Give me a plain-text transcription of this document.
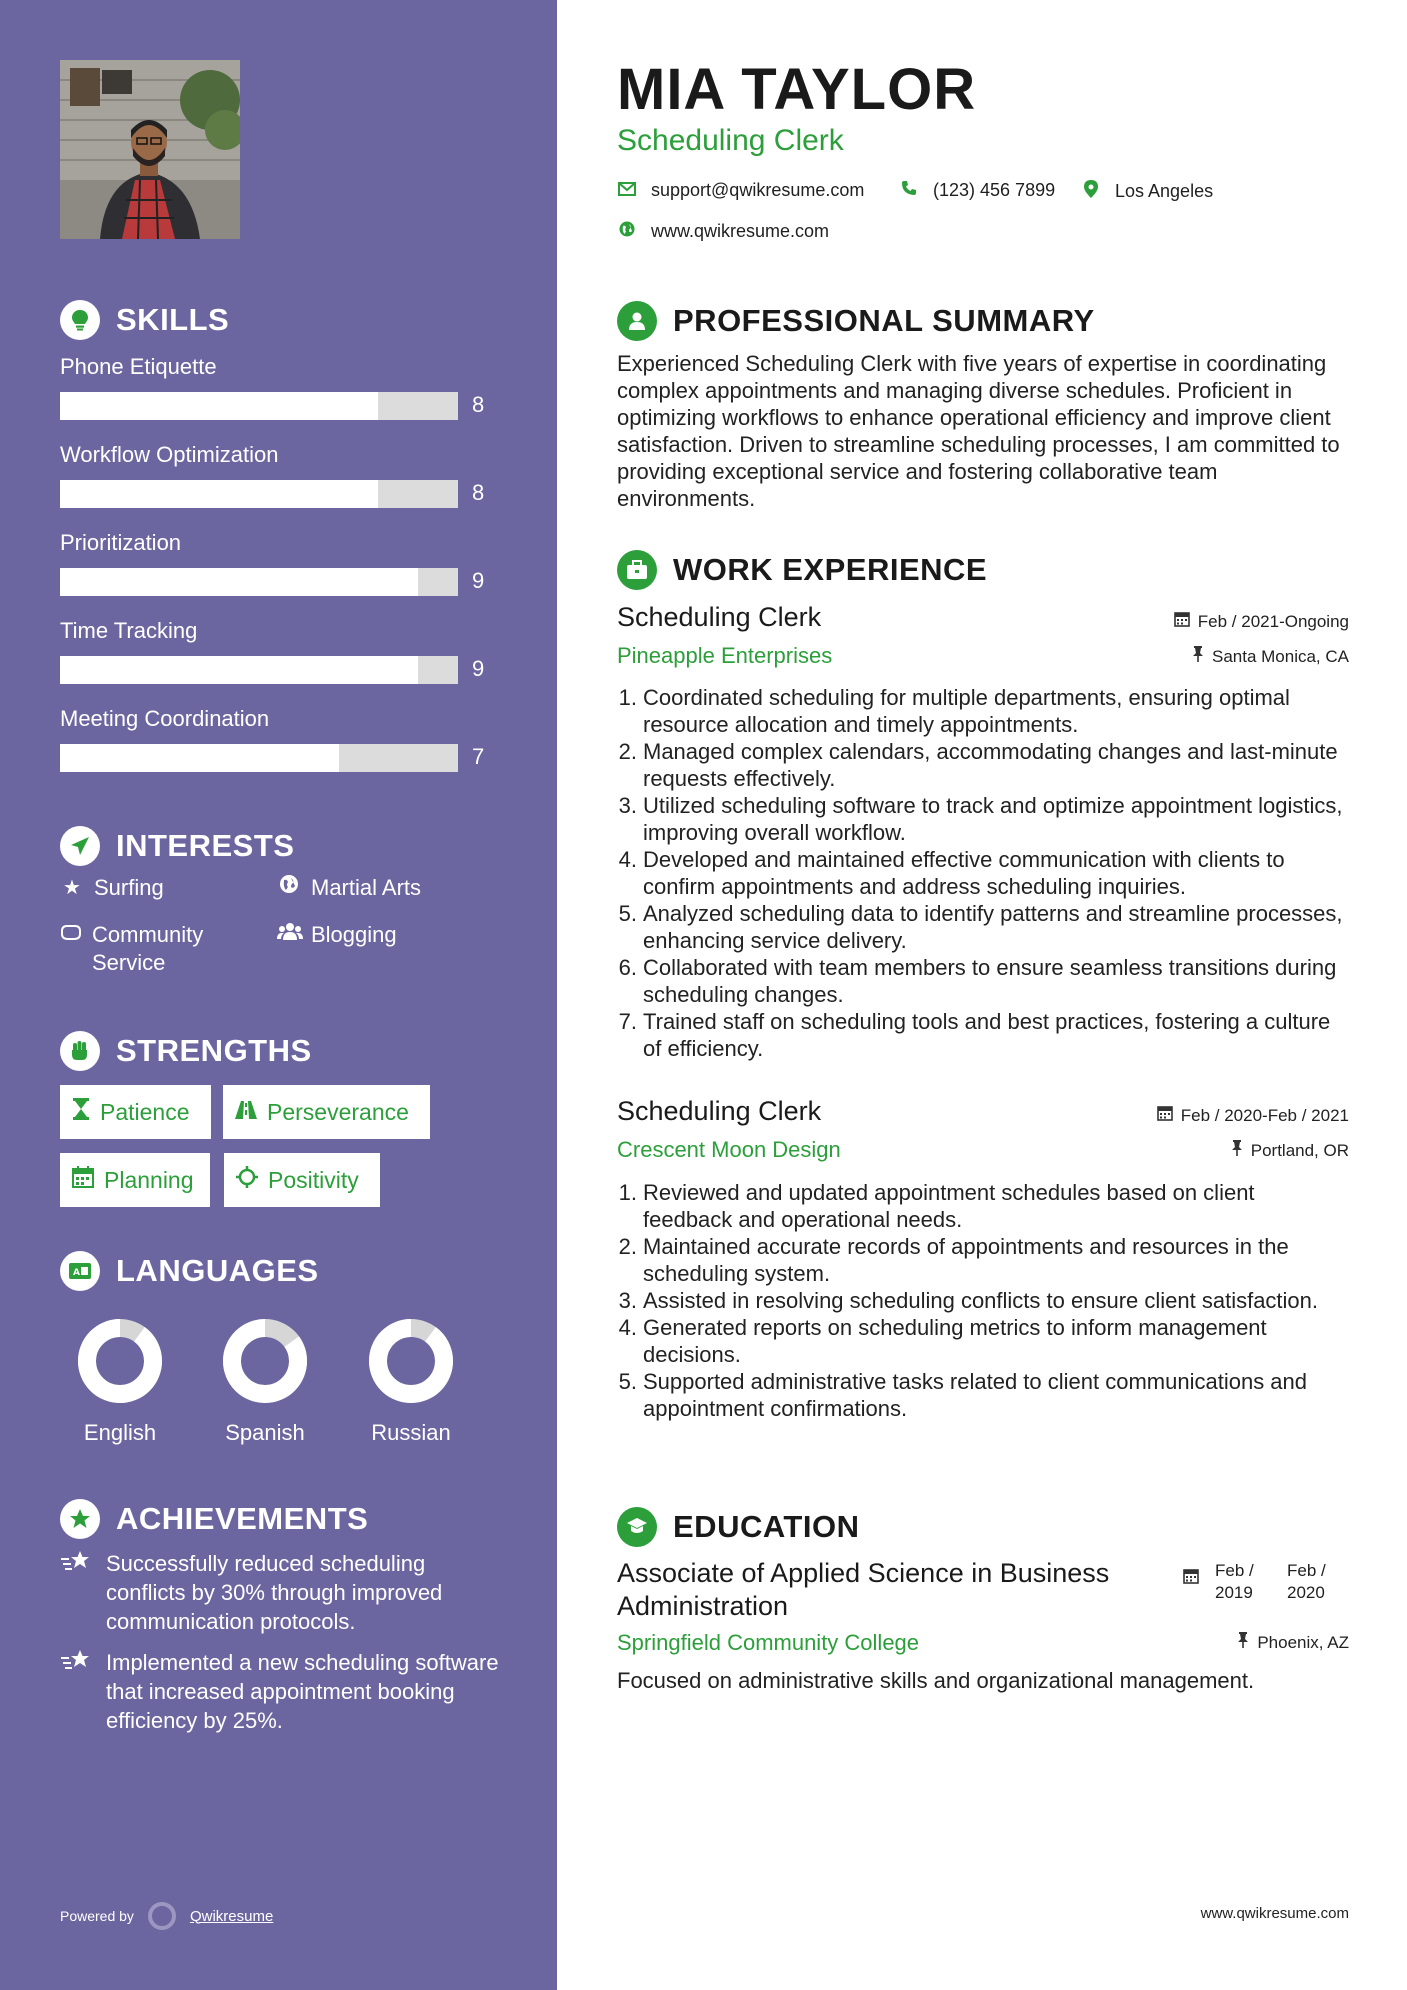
SKILLS
Phone Etiquette
8
Workflow Optimization
8
Prioritization
9
Time Tracking
9
Meeting Coordination
7
INTERESTS
★ Surfing	Martial Arts
Community Service
Blogging
STRENGTHS
Patience	Perseverance
Planning	Positivity
A LANGUAGES
English	Spanish	Russian
ACHIEVEMENTS
Successfully reduced scheduling conflicts by 30% through improved communication protocols.
Implemented a new scheduling software that increased appointment booking efficiency by 25%.
Powered by	Qwikresume
MIA TAYLOR
Scheduling Clerk
support@qwikresume.com	(123) 456 7899	Los Angeles
www.qwikresume.com
PROFESSIONAL SUMMARY
Experienced Scheduling Clerk with five years of expertise in coordinating complex appointments and managing diverse schedules. Proficient in optimizing workflows to enhance operational efficiency and improve client satisfaction. Driven to streamline scheduling processes, I am committed to providing exceptional service and fostering collaborative team environments.
WORK EXPERIENCE
Scheduling Clerk	Feb / 2021-Ongoing
Pineapple Enterprises	Santa Monica, CA
1. Coordinated scheduling for multiple departments, ensuring optimal resource allocation and timely appointments.
2. Managed complex calendars, accommodating changes and last-minute requests effectively.
3. Utilized scheduling software to track and optimize appointment logistics, improving overall workflow.
4. Developed and maintained effective communication with clients to confirm appointments and address scheduling inquiries.
5. Analyzed scheduling data to identify patterns and streamline processes, enhancing service delivery.
6. Collaborated with team members to ensure seamless transitions during scheduling changes.
7. Trained staff on scheduling tools and best practices, fostering a culture of efficiency.
Scheduling Clerk	Feb / 2020-Feb / 2021
Crescent Moon Design	Portland, OR
1. Reviewed and updated appointment schedules based on client feedback and operational needs.
2. Maintained accurate records of appointments and resources in the scheduling system.
3. Assisted in resolving scheduling conflicts to ensure client satisfaction.
4. Generated reports on scheduling metrics to inform management decisions.
5. Supported administrative tasks related to client communications and appointment confirmations.
EDUCATION
Associate of Applied Science in Business Administration
Feb / 2019
Feb / 2020
Springfield Community College	Phoenix, AZ
Focused on administrative skills and organizational management.
www.qwikresume.com
